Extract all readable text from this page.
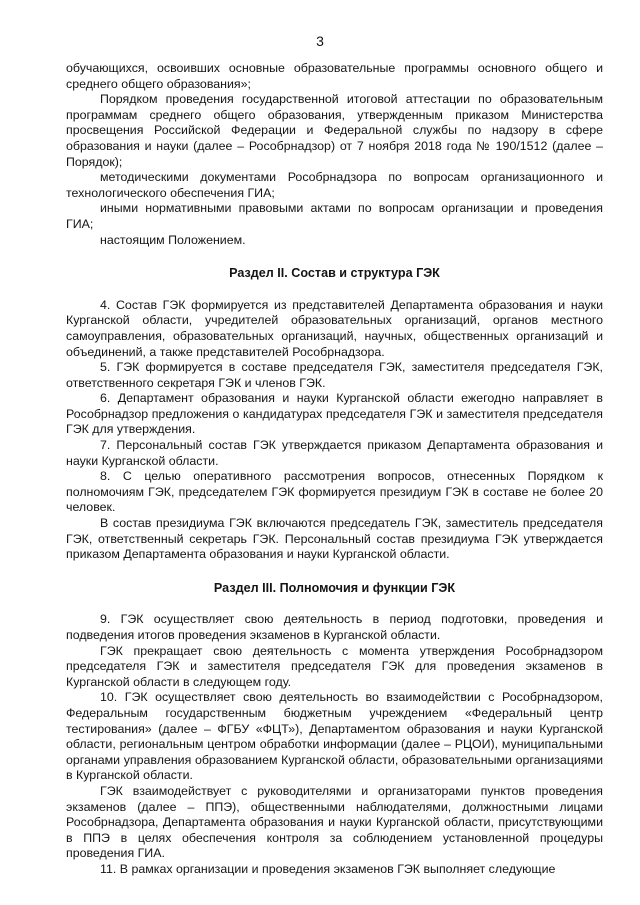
3

обучающихся, освоивших основные образовательные программы основного общего и среднего общего образования»;

Порядком проведения государственной итоговой аттестации по образовательным программам среднего общего образования, утвержденным приказом Министерства просвещения Российской Федерации и Федеральной службы по надзору в сфере образования и науки (далее – Рособрнадзор) от 7 ноября 2018 года № 190/1512 (далее – Порядок);

методическими документами Рособрнадзора по вопросам организационного и технологического обеспечения ГИА;

иными нормативными правовыми актами по вопросам организации и проведения ГИА;

настоящим Положением.

Раздел II. Состав и структура ГЭК

4. Состав ГЭК формируется из представителей Департамента образования и науки Курганской области, учредителей образовательных организаций, органов местного самоуправления, образовательных организаций, научных, общественных организаций и объединений, а также представителей Рособрнадзора.

5. ГЭК формируется в составе председателя ГЭК, заместителя председателя ГЭК, ответственного секретаря ГЭК и членов ГЭК.

6. Департамент образования и науки Курганской области ежегодно направляет в Рособрнадзор предложения о кандидатурах председателя ГЭК и заместителя председателя ГЭК для утверждения.

7. Персональный состав ГЭК утверждается приказом Департамента образования и науки Курганской области.

8. С целью оперативного рассмотрения вопросов, отнесенных Порядком к полномочиям ГЭК, председателем ГЭК формируется президиум ГЭК в составе не более 20 человек.

В состав президиума ГЭК включаются председатель ГЭК, заместитель председателя ГЭК, ответственный секретарь ГЭК. Персональный состав президиума ГЭК утверждается приказом Департамента образования и науки Курганской области.

Раздел III. Полномочия и функции ГЭК

9. ГЭК осуществляет свою деятельность в период подготовки, проведения и подведения итогов проведения экзаменов в Курганской области.

ГЭК прекращает свою деятельность с момента утверждения Рособрнадзором председателя ГЭК и заместителя председателя ГЭК для проведения экзаменов в Курганской области в следующем году.

10. ГЭК осуществляет свою деятельность во взаимодействии с Рособрнадзором, Федеральным государственным бюджетным учреждением «Федеральный центр тестирования» (далее – ФГБУ «ФЦТ»), Департаментом образования и науки Курганской области, региональным центром обработки информации (далее – РЦОИ), муниципальными органами управления образованием Курганской области, образовательными организациями в Курганской области.

ГЭК взаимодействует с руководителями и организаторами пунктов проведения экзаменов (далее – ППЭ), общественными наблюдателями, должностными лицами Рособрнадзора, Департамента образования и науки Курганской области, присутствующими в ППЭ в целях обеспечения контроля за соблюдением установленной процедуры проведения ГИА.

11. В рамках организации и проведения экзаменов ГЭК выполняет следующие
